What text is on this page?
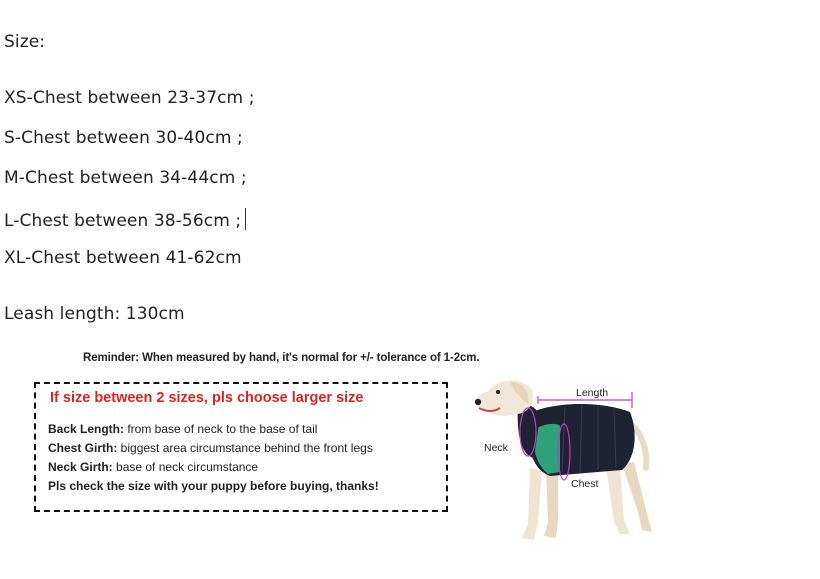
Size:
XS-Chest between 23-37cm ;
S-Chest between 30-40cm ;
M-Chest between 34-44cm ;
L-Chest between 38-56cm ;
XL-Chest between 41-62cm
Leash length: 130cm
Reminder: When measured by hand, it's normal for +/- tolerance of 1-2cm.
If size between 2 sizes, pls choose larger size
Back Length: from base of neck to the base of tail
Chest Girth: biggest area circumstance behind the front legs
Neck Girth: base of neck circumstance
Pls check the size with your puppy before buying, thanks!
Length
Neck
Chest
